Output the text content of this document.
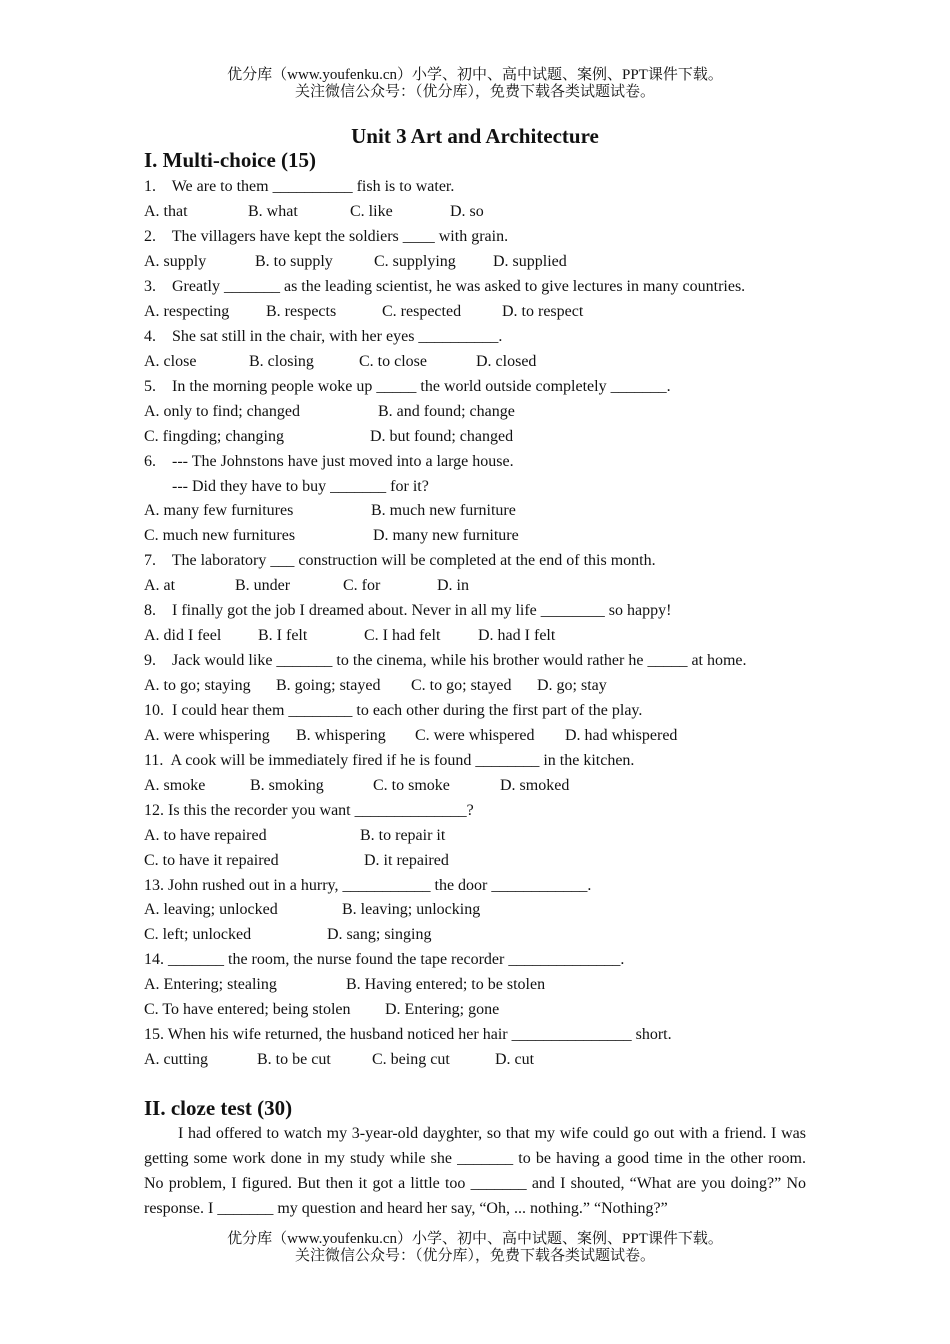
优分库（www.youfenku.cn）小学、初中、高中试题、案例、PPT课件下载。
关注微信公众号：（优分库），免费下载各类试题试卷。
Unit 3 Art and Architecture
I. Multi-choice (15)
1.    We are to them __________ fish is to water.
A. that	B. what	C. like	D. so
2.    The villagers have kept the soldiers ____ with grain.
A. supply	B. to supply	C. supplying D. supplied
3.    Greatly _______ as the leading scientist, he was asked to give lectures in many countries.
A. respecting B. respects	C. respected	D. to respect
4.    She sat still in the chair, with her eyes __________.
A. close	B. closing	C. to close	D. closed
5.    In the morning people woke up _____ the world outside completely _______.
A. only to find; changed	B. and found; change
C. fingding; changing	D. but found; changed
6.    --- The Johnstons have just moved into a large house.
--- Did they have to buy _______ for it?
A. many few furnitures	B. much new furniture
C. much new furnitures	D. many new furniture
7.    The laboratory ___ construction will be completed at the end of this month.
A. at	B. under	C. for	D. in
8.    I finally got the job I dreamed about. Never in all my life ________ so happy!
A. did I feel B. I felt	C. I had felt D. had I felt
9.    Jack would like _______ to the cinema, while his brother would rather he _____ at home.
A. to go; staying B. going; stayed C. to go; stayed D. go; stay
10.  I could hear them ________ to each other during the first part of the play.
A. were whispering B. whispering C. were whispered D. had whispered
11.  A cook will be immediately fired if he is found ________ in the kitchen.
A. smoke	B. smoking	C. to smoke	D. smoked
12. Is this the recorder you want ______________?
A. to have repaired	B. to repair it
C. to have it repaired	D. it repaired
13. John rushed out in a hurry, ___________ the door ____________.
A. leaving; unlocked	B. leaving; unlocking
C. left; unlocked	D. sang; singing
14. _______ the room, the nurse found the tape recorder ______________.
A. Entering; stealing	B. Having entered; to be stolen
C. To have entered; being stolen D. Entering; gone
15. When his wife returned, the husband noticed her hair _______________ short.
A. cutting	B. to be cut	C. being cut	D. cut
II. cloze test (30)

I had offered to watch my 3-year-old dayghter, so that my wife could go out with a friend. I was getting some work done in my study while she _______ to be having a good time in the other room. No problem, I figured. But then it got a little too _______ and I shouted, “What are you doing?” No response. I _______ my question and heard her say, “Oh, ... nothing.” “Nothing?”

优分库（www.youfenku.cn）小学、初中、高中试题、案例、PPT课件下载。
关注微信公众号：（优分库），免费下载各类试题试卷。
